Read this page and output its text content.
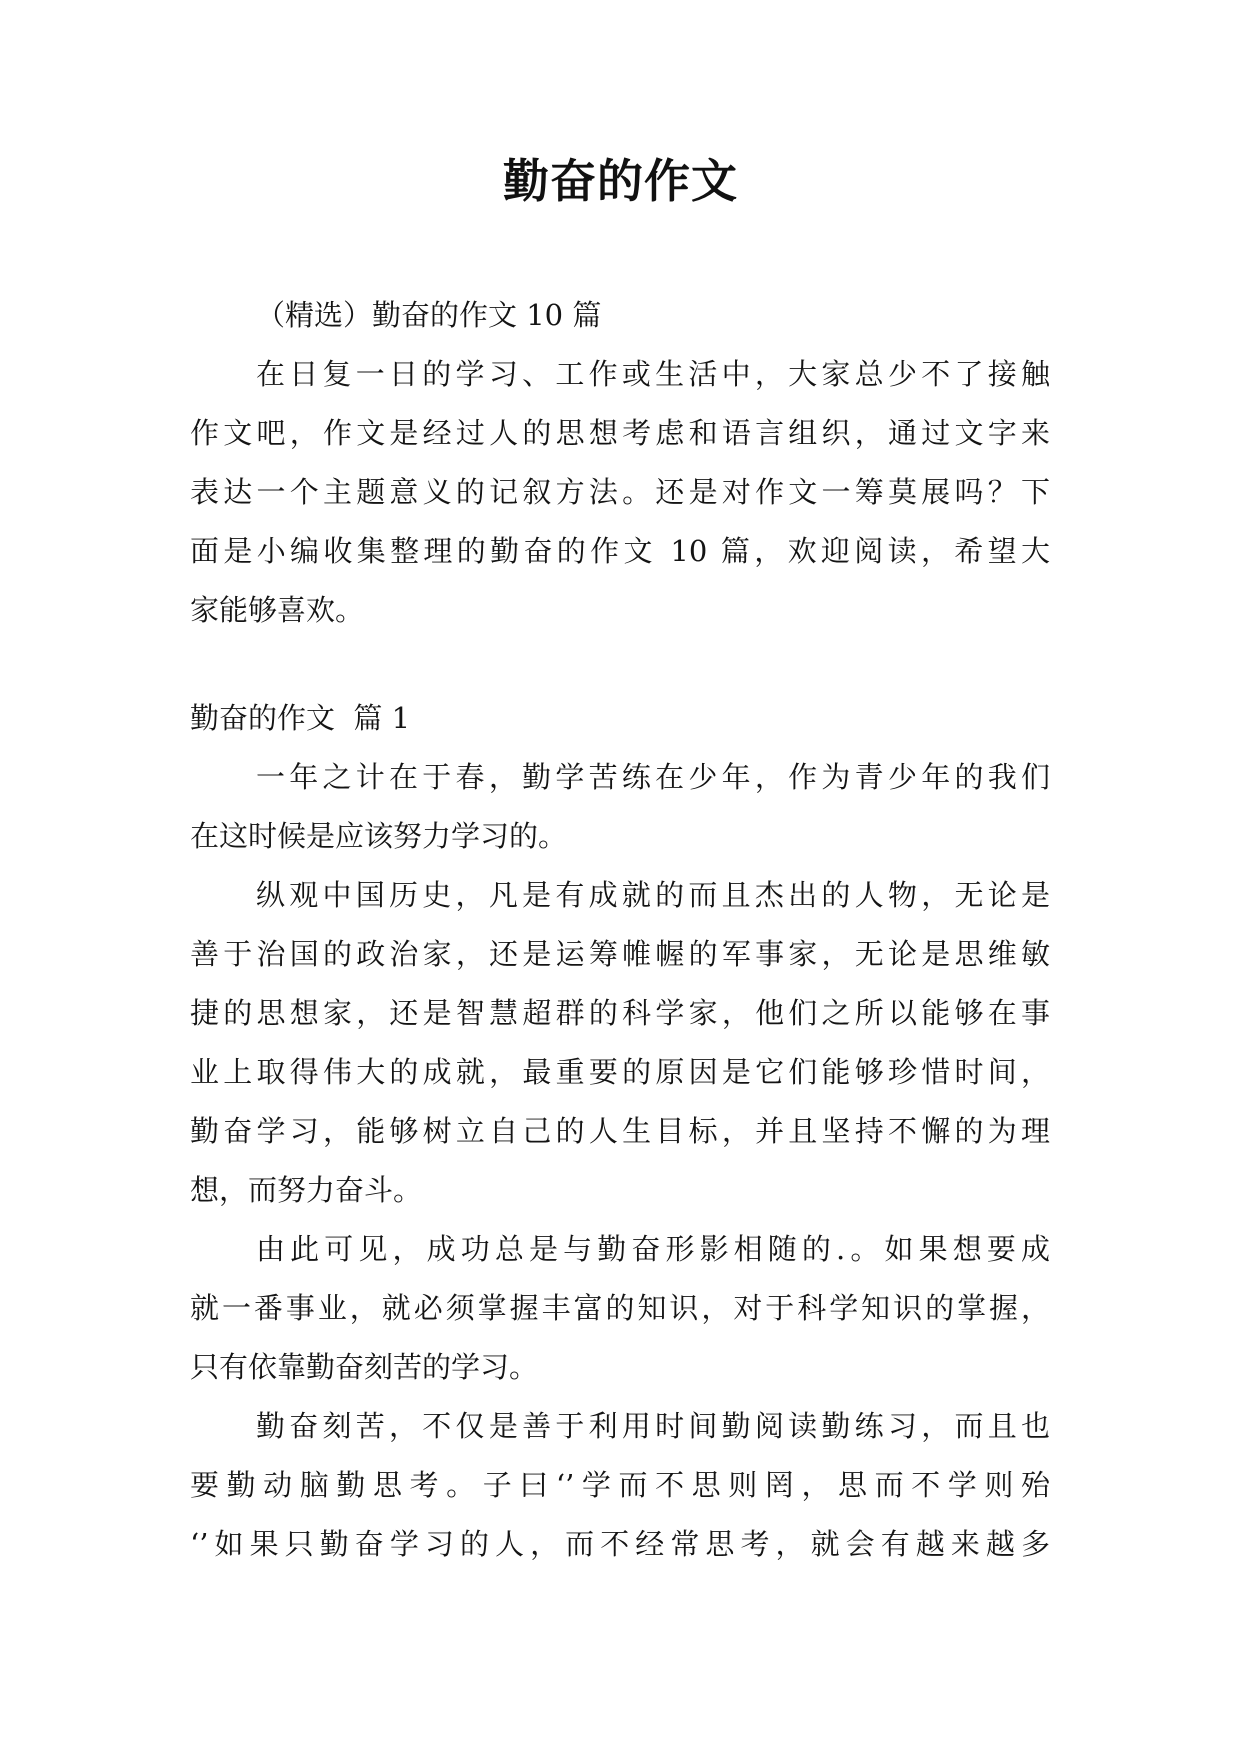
勤奋的作文
（精选）勤奋的作文 10 篇
在日复一日的学习、工作或生活中，大家总少不了接触
作文吧，作文是经过人的思想考虑和语言组织，通过文字来
表达一个主题意义的记叙方法。还是对作文一筹莫展吗？下
面是小编收集整理的勤奋的作文 10 篇，欢迎阅读，希望大
家能够喜欢。
勤奋的作文  篇 1
一年之计在于春，勤学苦练在少年，作为青少年的我们
在这时候是应该努力学习的。
纵观中国历史，凡是有成就的而且杰出的人物，无论是
善于治国的政治家，还是运筹帷幄的军事家，无论是思维敏
捷的思想家，还是智慧超群的科学家，他们之所以能够在事
业上取得伟大的成就，最重要的原因是它们能够珍惜时间，
勤奋学习，能够树立自己的人生目标，并且坚持不懈的为理
想，而努力奋斗。
由此可见，成功总是与勤奋形影相随的.。如果想要成
就一番事业，就必须掌握丰富的知识，对于科学知识的掌握，
只有依靠勤奋刻苦的学习。
勤奋刻苦，不仅是善于利用时间勤阅读勤练习，而且也
要勤动脑勤思考。子曰‘’学而不思则罔，思而不学则殆
‘’如果只勤奋学习的人，而不经常思考，就会有越来越多
